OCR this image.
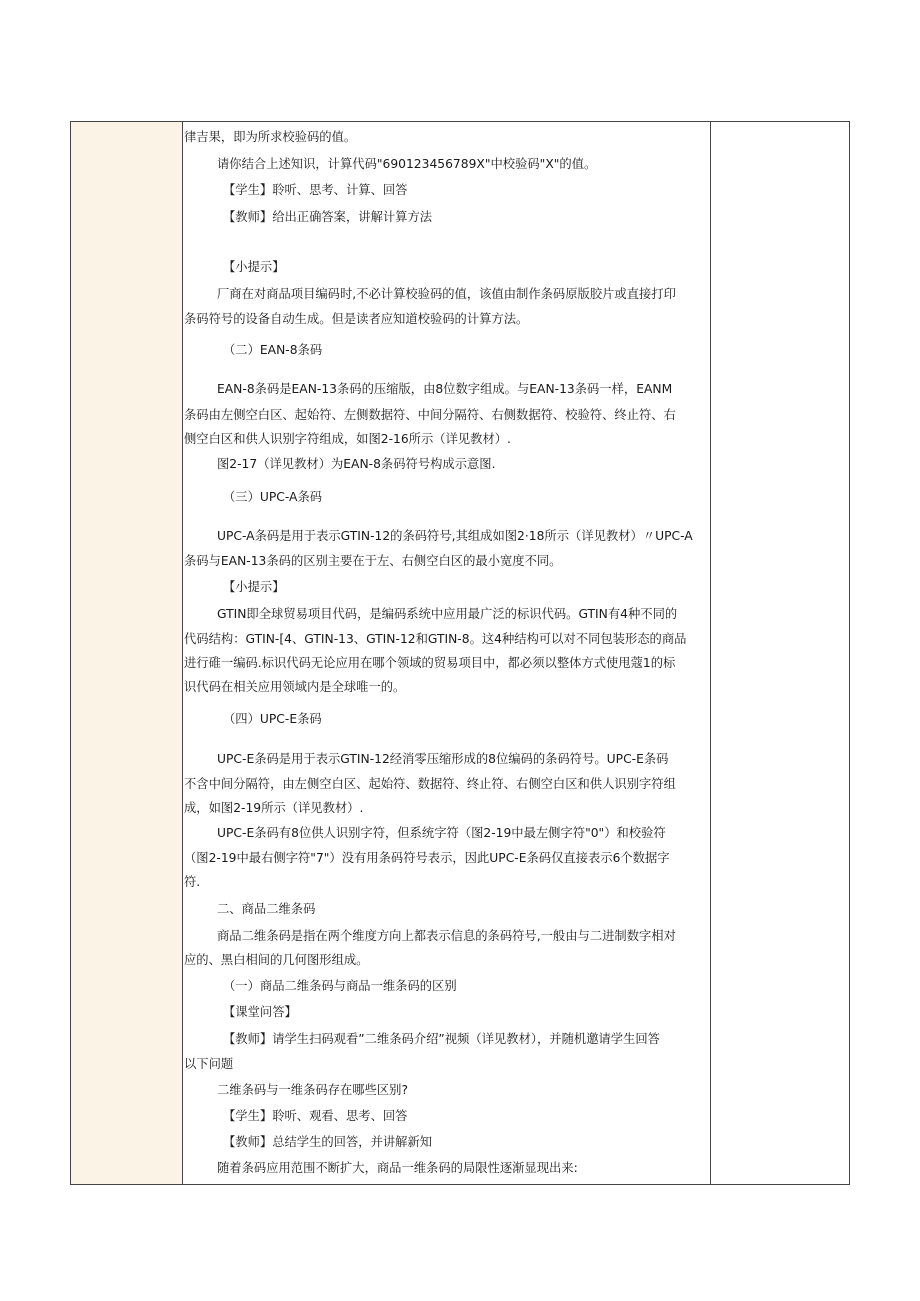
律吉果，即为所求校验码的值。
请你结合上述知识，计算代码"690123456789X"中校验码"X"的值。
【学生】聆听、思考、计算、回答
【教师】给出正确答案，讲解计算方法
【小提示】
厂商在对商品项目编码时,不必计算校验码的值，该值由制作条码原版胶片或直接打印
条码符号的设备自动生成。但是读者应知道校验码的计算方法。
（二）EAN-8条码
EAN-8条码是EAN-13条码的压缩版，由8位数字组成。与EAN-13条码一样，EANM
条码由左侧空白区、起始符、左侧数据符、中间分隔符、右侧数据符、校验符、终止符、右
侧空白区和供人识别字符组成，如图2-16所示（详见教材）.
图2-17（详见教材）为EAN-8条码符号构成示意图.
（三）UPC-A条码
UPC-A条码是用于表示GTIN-12的条码符号,其组成如图2·18所示（详见教材）〃UPC-A
条码与EAN-13条码的区别主要在于左、右侧空白区的最小宽度不同。
【小提示】
GTIN即全球贸易项目代码，是编码系统中应用最广泛的标识代码。GTIN有4种不同的
代码结构：GTIN-[4、GTIN-13、GTIN-12和GTIN-8。这4种结构可以对不同包装形态的商品
进行碓一编码.标识代码无论应用在哪个领域的贸易项目中，都必须以整体方式使甩蔻1的标
识代码在相关应用领域内是全球唯一的。
（四）UPC-E条码
UPC-E条码是用于表示GTIN-12经消零压缩形成的8位编码的条码符号。UPC-E条码
不含中间分隔符，由左侧空白区、起始符、数据符、终止符、右侧空白区和供人识别字符组
成，如图2-19所示（详见教材）.
UPC-E条码有8位供人识别字符，但系统字符（图2-19中最左侧字符"0"）和校验符
（图2-19中最右侧字符"7"）没有用条码符号表示，因此UPC-E条码仅直接表示6个数据字
符.
二、商品二维条码
商品二维条码是指在两个维度方向上都表示信息的条码符号,一般由与二进制数字相对
应的、黑白相间的几何图形组成。
（一）商品二维条码与商品一维条码的区别
【课堂问答】
【教师】请学生扫码观看”二维条码介绍”视频（详见教材），并随机邀请学生回答
以下问题
二维条码与一维条码存在哪些区别?
【学生】聆听、观看、思考、回答
【教师】总结学生的回答，并讲解新知
随着条码应用范围不断扩大，商品一维条码的局限性逐渐显现出来:
